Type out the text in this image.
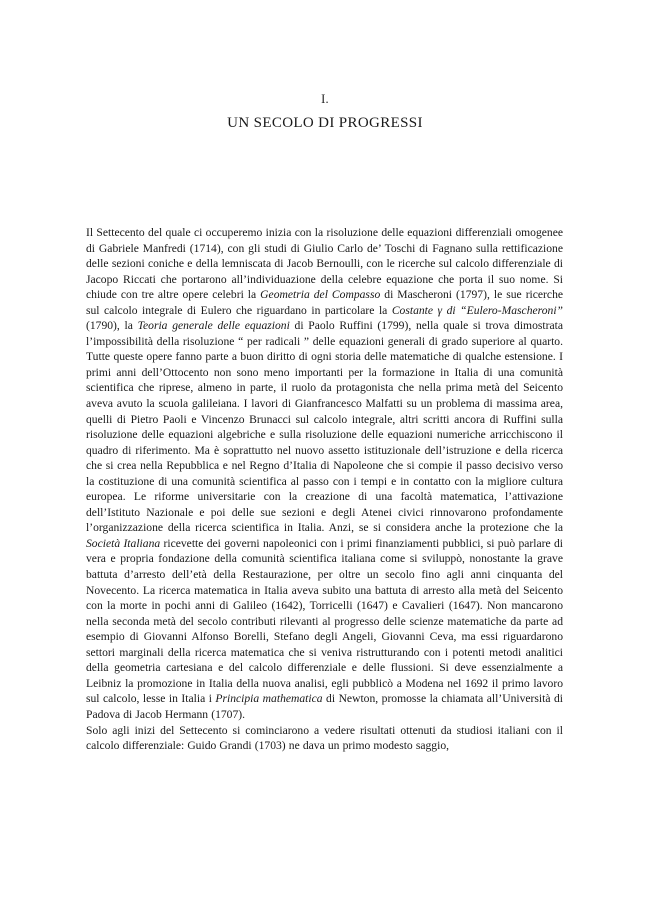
I.
UN SECOLO DI PROGRESSI

Il Settecento del quale ci occuperemo inizia con la risoluzione delle equazioni differenziali omogenee di Gabriele Manfredi (1714), con gli studi di Giulio Carlo de’ Toschi di Fagnano sulla rettificazione delle sezioni coniche e della lemniscata di Jacob Bernoulli, con le ricerche sul calcolo differenziale di Jacopo Riccati che portarono all’individuazione della celebre equazione che porta il suo nome. Si chiude con tre altre opere celebri la Geometria del Compasso di Mascheroni (1797), le sue ricerche sul calcolo integrale di Eulero che riguardano in particolare la Costante γ di “Eulero-Mascheroni” (1790), la Teoria generale delle equazioni di Paolo Ruffini (1799), nella quale si trova dimostrata l’impossibilità della risoluzione “ per radicali ” delle equazioni generali di grado superiore al quarto. Tutte queste opere fanno parte a buon diritto di ogni storia delle matematiche di qualche estensione. I primi anni dell’Ottocento non sono meno importanti per la formazione in Italia di una comunità scientifica che riprese, almeno in parte, il ruolo da protagonista che nella prima metà del Seicento aveva avuto la scuola galileiana. I lavori di Gianfrancesco Malfatti su un problema di massima area, quelli di Pietro Paoli e Vincenzo Brunacci sul calcolo integrale, altri scritti ancora di Ruffini sulla risoluzione delle equazioni algebriche e sulla risoluzione delle equazioni numeriche arricchiscono il quadro di riferimento. Ma è soprattutto nel nuovo assetto istituzionale dell’istruzione e della ricerca che si crea nella Repubblica e nel Regno d’Italia di Napoleone che si compie il passo decisivo verso la costituzione di una comunità scientifica al passo con i tempi e in contatto con la migliore cultura europea. Le riforme universitarie con la creazione di una facoltà matematica, l’attivazione dell’Istituto Nazionale e poi delle sue sezioni e degli Atenei civici rinnovarono profondamente l’organizzazione della ricerca scientifica in Italia. Anzi, se si considera anche la protezione che la Società Italiana ricevette dei governi napoleonici con i primi finanziamenti pubblici, si può parlare di vera e propria fondazione della comunità scientifica italiana come si sviluppò, nonostante la grave battuta d’arresto dell’età della Restaurazione, per oltre un secolo fino agli anni cinquanta del Novecento. La ricerca matematica in Italia aveva subito una battuta di arresto alla metà del Seicento con la morte in pochi anni di Galileo (1642), Torricelli (1647) e Cavalieri (1647). Non mancarono nella seconda metà del secolo contributi rilevanti al progresso delle scienze matematiche da parte ad esempio di Giovanni Alfonso Borelli, Stefano degli Angeli, Giovanni Ceva, ma essi riguardarono settori marginali della ricerca matematica che si veniva ristrutturando con i potenti metodi analitici della geometria cartesiana e del calcolo differenziale e delle flussioni. Si deve essenzialmente a Leibniz la promozione in Italia della nuova analisi, egli pubblicò a Modena nel 1692 il primo lavoro sul calcolo, lesse in Italia i Principia mathematica di Newton, promosse la chiamata all’Università di Padova di Jacob Hermann (1707).

Solo agli inizi del Settecento si cominciarono a vedere risultati ottenuti da studiosi italiani con il calcolo differenziale: Guido Grandi (1703) ne dava un primo modesto saggio,
